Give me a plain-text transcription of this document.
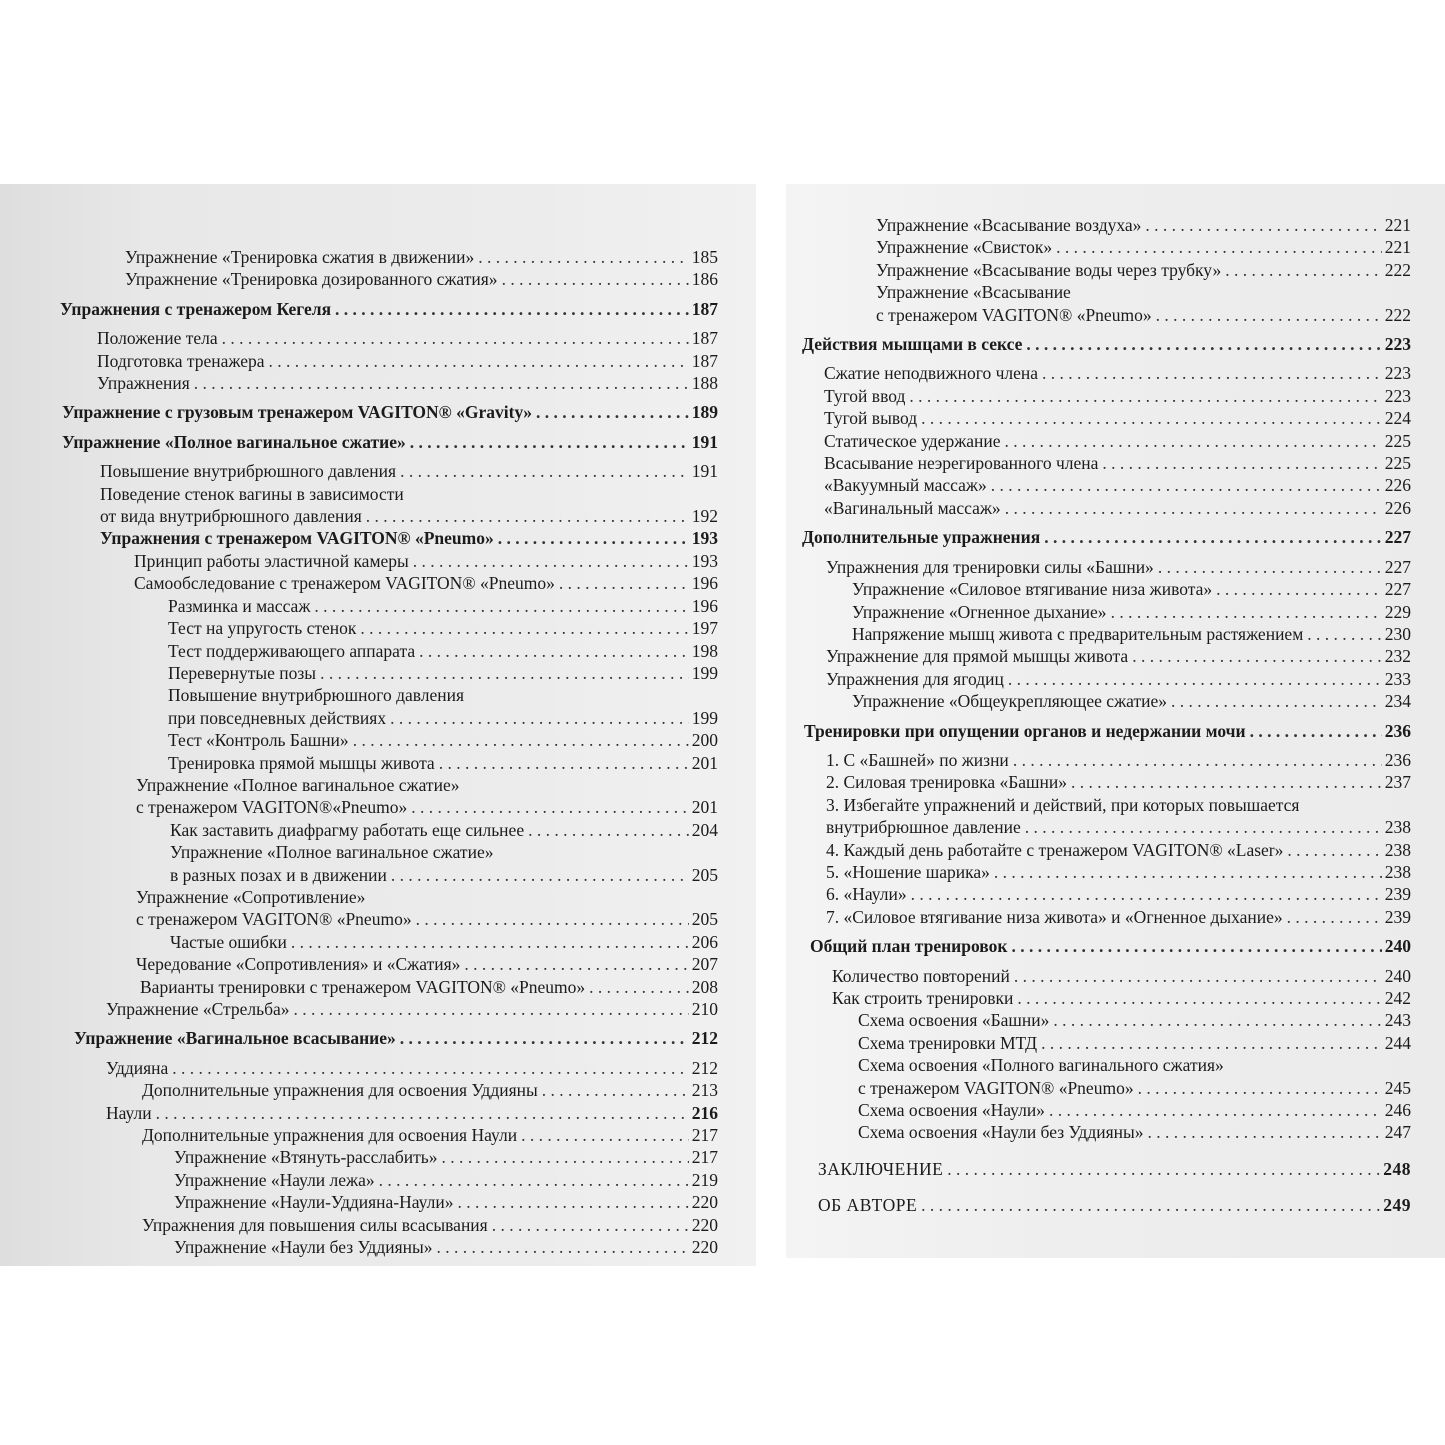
Упражнение «Тренировка сжатия в движении» . . .	185
Упражнение «Тренировка дозированного сжатия» . . .	186
Упражнения с тренажером Кегеля . . .	187
Положение тела . . .	187
Подготовка тренажера . . .	187
Упражнения . . .	188
Упражнение с грузовым тренажером VAGITON® «Gravity» . . .	189
Упражнение «Полное вагинальное сжатие» . . .	191
Повышение внутрибрюшного давления . . .	191
Поведение стенок вагины в зависимости
от вида внутрибрюшного давления . . .	192
Упражнения с тренажером VAGITON® «Pneumo» . . .	193
Принцип работы эластичной камеры . . .	193
Самообследование с тренажером VAGITON® «Pneumo» . . .	196
Разминка и массаж . . .	196
Тест на упругость стенок . . .	197
Тест поддерживающего аппарата . . .	198
Перевернутые позы . . .	199
Повышение внутрибрюшного давления
при повседневных действиях . . .	199
Тест «Контроль Башни» . . .	200
Тренировка прямой мышцы живота . . .	201
Упражнение «Полное вагинальное сжатие»
с тренажером VAGITON®«Pneumo» . . .	201
Как заставить диафрагму работать еще сильнее . . .	204
Упражнение «Полное вагинальное сжатие»
в разных позах и в движении . . .	205
Упражнение «Сопротивление»
с тренажером VAGITON® «Pneumo» . . .	205
Частые ошибки . . .	206
Чередование «Сопротивления» и «Сжатия» . . .	207
Варианты тренировки с тренажером VAGITON® «Pneumo» . . .	208
Упражнение «Стрельба» . . .	210
Упражнение «Вагинальное всасывание» . . .	212
Уддияна . . .	212
Дополнительные упражнения для освоения Уддияны . . .	213
Наули . . .	216
Дополнительные упражнения для освоения Наули . . .	217
Упражнение «Втянуть-расслабить» . . .	217
Упражнение «Наули лежа» . . .	219
Упражнение «Наули-Уддияна-Наули» . . .	220
Упражнения для повышения силы всасывания . . .	220
Упражнение «Наули без Уддияны» . . .	220
Упражнение «Всасывание воздуха» . . .	221
Упражнение «Свисток» . . .	221
Упражнение «Всасывание воды через трубку» . . .	222
Упражнение «Всасывание
с тренажером VAGITON® «Pneumo» . . .	222
Действия мышцами в сексе . . .	223
Сжатие неподвижного члена . . .	223
Тугой ввод . . .	223
Тугой вывод . . .	224
Статическое удержание . . .	225
Всасывание неэрегированного члена . . .	225
«Вакуумный массаж» . . .	226
«Вагинальный массаж» . . .	226
Дополнительные упражнения . . .	227
Упражнения для тренировки силы «Башни» . . .	227
Упражнение «Силовое втягивание низа живота» . . .	227
Упражнение «Огненное дыхание» . . .	229
Напряжение мышц живота с предварительным растяжением . . .	230
Упражнение для прямой мышцы живота . . .	232
Упражнения для ягодиц . . .	233
Упражнение «Общеукрепляющее сжатие» . . .	234
Тренировки при опущении органов и недержании мочи . . .	236
1. С «Башней» по жизни . . .	236
2. Силовая тренировка «Башни» . . .	237
3. Избегайте упражнений и действий, при которых повышается
внутрибрюшное давление . . .	238
4. Каждый день работайте с тренажером VAGITON® «Laser» . . .	238
5. «Ношение шарика» . . .	238
6. «Наули» . . .	239
7. «Силовое втягивание низа живота» и «Огненное дыхание» . . .	239
Общий план тренировок . . .	240
Количество повторений . . .	240
Как строить тренировки . . .	242
Схема освоения «Башни» . . .	243
Схема тренировки МТД . . .	244
Схема освоения «Полного вагинального сжатия»
с тренажером VAGITON® «Pneumo» . . .	245
Схема освоения «Наули» . . .	246
Схема освоения «Наули без Уддияны» . . .	247
ЗАКЛЮЧЕНИЕ . . .	248
ОБ АВТОРЕ . . .	249
